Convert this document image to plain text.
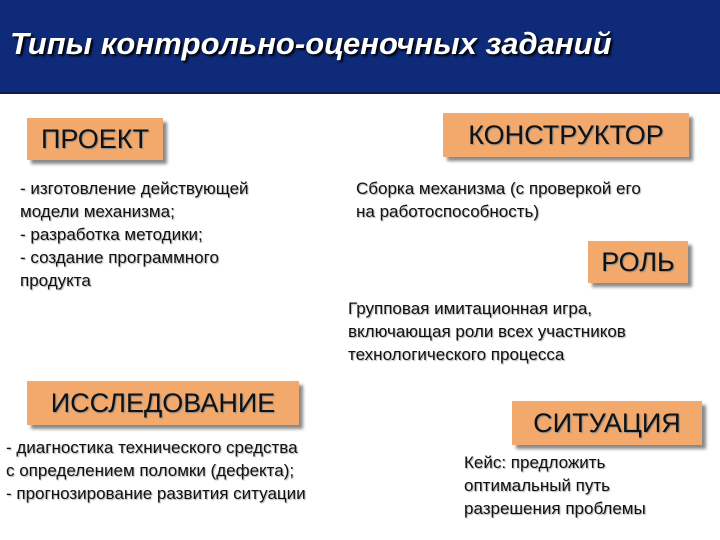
Типы контрольно-оценочных заданий
ПРОЕКТ
- изготовление действующей
модели механизма;
- разработка методики;
- создание программного
продукта
КОНСТРУКТОР
Сборка механизма (с проверкой его
на работоспособность)
РОЛЬ
Групповая имитационная игра,
включающая роли всех участников
технологического процесса
ИССЛЕДОВАНИЕ
- диагностика технического средства
с определением поломки (дефекта);
- прогнозирование развития ситуации
СИТУАЦИЯ
Кейс: предложить
оптимальный путь
разрешения проблемы
